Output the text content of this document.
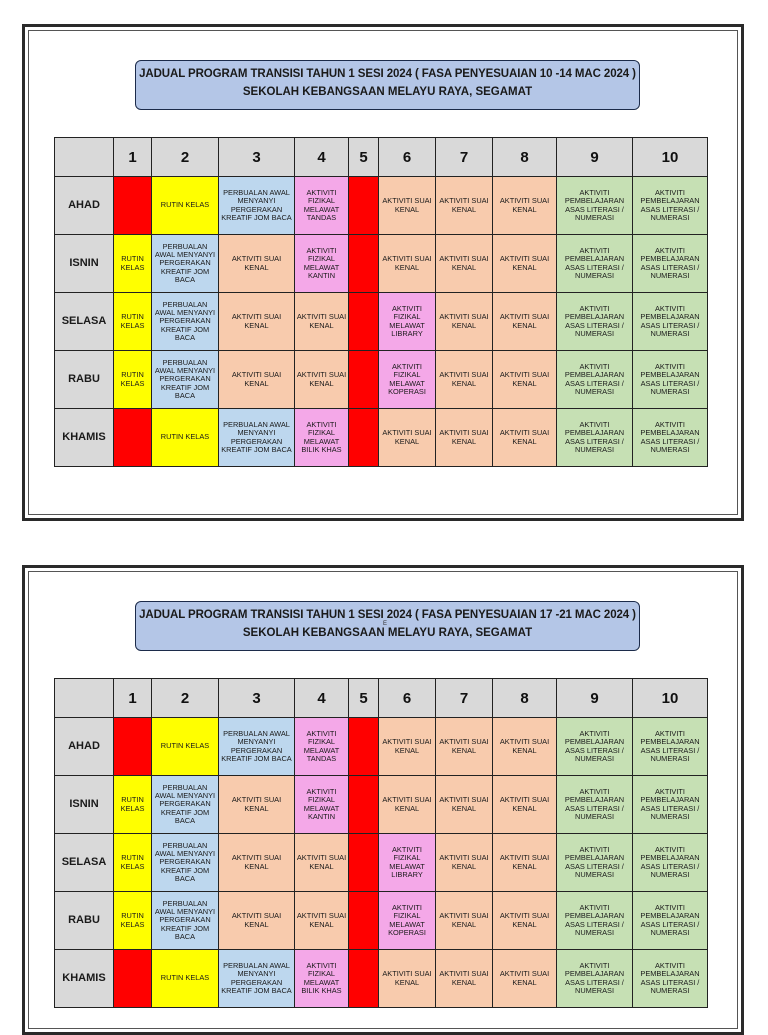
JADUAL PROGRAM TRANSISI TAHUN 1 SESI 2024 ( FASA PENYESUAIAN 10 -14 MAC 2024 )
SEKOLAH KEBANGSAAN MELAYU RAYA, SEGAMAT
	1	2	3	4	5	6	7	8	9	10
AHAD		RUTIN KELAS	PERBUALAN AWAL MENYANYI PERGERAKAN KREATIF JOM BACA	AKTIVITI FIZIKAL MELAWAT TANDAS		AKTIVITI SUAI KENAL	AKTIVITI SUAI KENAL	AKTIVITI SUAI KENAL	AKTIVITI PEMBELAJARAN ASAS LITERASI / NUMERASI	AKTIVITI PEMBELAJARAN ASAS LITERASI / NUMERASI

ISNIN	RUTIN KELAS	PERBUALAN AWAL MENYANYI PERGERAKAN KREATIF JOM BACA	AKTIVITI SUAI KENAL	AKTIVITI FIZIKAL MELAWAT KANTIN		AKTIVITI SUAI KENAL	AKTIVITI SUAI KENAL	AKTIVITI SUAI KENAL	AKTIVITI PEMBELAJARAN ASAS LITERASI / NUMERASI	AKTIVITI PEMBELAJARAN ASAS LITERASI / NUMERASI

SELASA	RUTIN KELAS	PERBUALAN AWAL MENYANYI PERGERAKAN KREATIF JOM BACA	AKTIVITI SUAI KENAL	AKTIVITI SUAI KENAL		AKTIVITI FIZIKAL MELAWAT LIBRARY	AKTIVITI SUAI KENAL	AKTIVITI SUAI KENAL	AKTIVITI PEMBELAJARAN ASAS LITERASI / NUMERASI	AKTIVITI PEMBELAJARAN ASAS LITERASI / NUMERASI

RABU	RUTIN KELAS	PERBUALAN AWAL MENYANYI PERGERAKAN KREATIF JOM BACA	AKTIVITI SUAI KENAL	AKTIVITI SUAI KENAL		AKTIVITI FIZIKAL MELAWAT KOPERASI	AKTIVITI SUAI KENAL	AKTIVITI SUAI KENAL	AKTIVITI PEMBELAJARAN ASAS LITERASI / NUMERASI	AKTIVITI PEMBELAJARAN ASAS LITERASI / NUMERASI

KHAMIS		RUTIN KELAS	PERBUALAN AWAL MENYANYI PERGERAKAN KREATIF JOM BACA	AKTIVITI FIZIKAL MELAWAT BILIK KHAS		AKTIVITI SUAI KENAL	AKTIVITI SUAI KENAL	AKTIVITI SUAI KENAL	AKTIVITI PEMBELAJARAN ASAS LITERASI / NUMERASI	AKTIVITI PEMBELAJARAN ASAS LITERASI / NUMERASI
JADUAL PROGRAM TRANSISI TAHUN 1 SESI 2024 ( FASA PENYESUAIAN 17 -21 MAC 2024 )
E
SEKOLAH KEBANGSAAN MELAYU RAYA, SEGAMAT
	1	2	3	4	5	6	7	8	9	10
AHAD		RUTIN KELAS	PERBUALAN AWAL MENYANYI PERGERAKAN KREATIF JOM BACA	AKTIVITI FIZIKAL MELAWAT TANDAS		AKTIVITI SUAI KENAL	AKTIVITI SUAI KENAL	AKTIVITI SUAI KENAL	AKTIVITI PEMBELAJARAN ASAS LITERASI / NUMERASI	AKTIVITI PEMBELAJARAN ASAS LITERASI / NUMERASI

ISNIN	RUTIN KELAS	PERBUALAN AWAL MENYANYI PERGERAKAN KREATIF JOM BACA	AKTIVITI SUAI KENAL	AKTIVITI FIZIKAL MELAWAT KANTIN		AKTIVITI SUAI KENAL	AKTIVITI SUAI KENAL	AKTIVITI SUAI KENAL	AKTIVITI PEMBELAJARAN ASAS LITERASI / NUMERASI	AKTIVITI PEMBELAJARAN ASAS LITERASI / NUMERASI

SELASA	RUTIN KELAS	PERBUALAN AWAL MENYANYI PERGERAKAN KREATIF JOM BACA	AKTIVITI SUAI KENAL	AKTIVITI SUAI KENAL		AKTIVITI FIZIKAL MELAWAT LIBRARY	AKTIVITI SUAI KENAL	AKTIVITI SUAI KENAL	AKTIVITI PEMBELAJARAN ASAS LITERASI / NUMERASI	AKTIVITI PEMBELAJARAN ASAS LITERASI / NUMERASI

RABU	RUTIN KELAS	PERBUALAN AWAL MENYANYI PERGERAKAN KREATIF JOM BACA	AKTIVITI SUAI KENAL	AKTIVITI SUAI KENAL		AKTIVITI FIZIKAL MELAWAT KOPERASI	AKTIVITI SUAI KENAL	AKTIVITI SUAI KENAL	AKTIVITI PEMBELAJARAN ASAS LITERASI / NUMERASI	AKTIVITI PEMBELAJARAN ASAS LITERASI / NUMERASI

KHAMIS		RUTIN KELAS	PERBUALAN AWAL MENYANYI PERGERAKAN KREATIF JOM BACA	AKTIVITI FIZIKAL MELAWAT BILIK KHAS		AKTIVITI SUAI KENAL	AKTIVITI SUAI KENAL	AKTIVITI SUAI KENAL	AKTIVITI PEMBELAJARAN ASAS LITERASI / NUMERASI	AKTIVITI PEMBELAJARAN ASAS LITERASI / NUMERASI
